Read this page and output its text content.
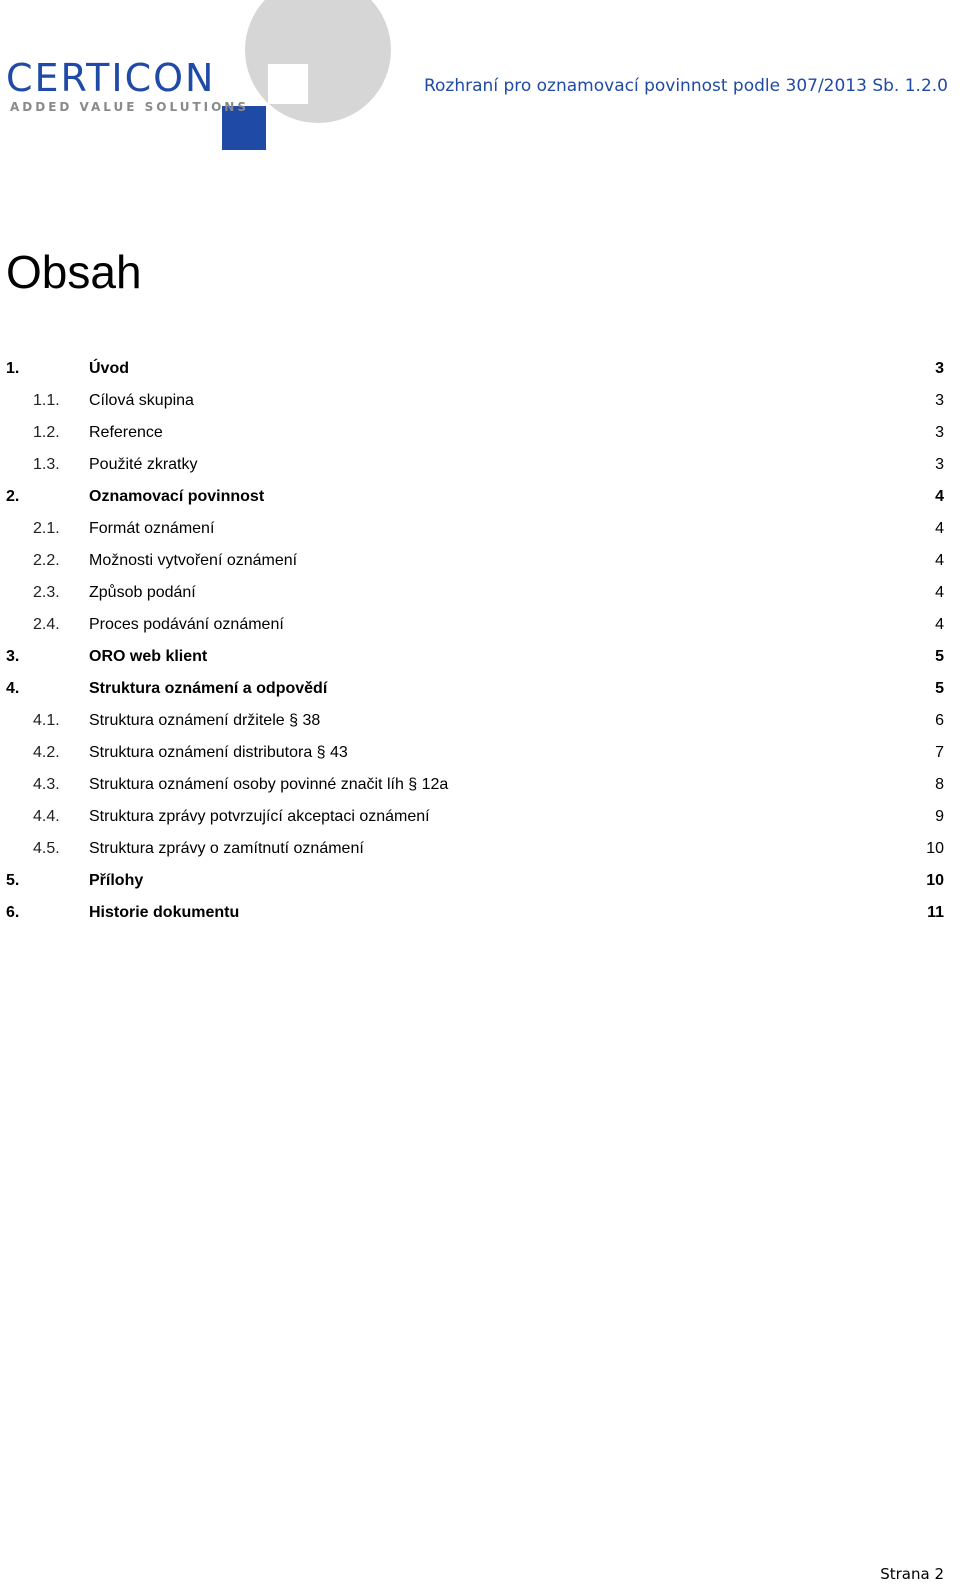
CERTICON
ADDED VALUE SOLUTIONS
Rozhraní pro oznamovací povinnost podle 307/2013 Sb. 1.2.0
Obsah
1.	Úvod	3
1.1. Cílová skupina	3
1.2. Reference	3
1.3. Použité zkratky	3
2.	Oznamovací povinnost	4
2.1. Formát oznámení	4
2.2. Možnosti vytvoření oznámení	4
2.3. Způsob podání	4
2.4. Proces podávání oznámení	4
3.	ORO web klient	5
4.	Struktura oznámení a odpovědí	5
4.1. Struktura oznámení držitele § 38	6
4.2. Struktura oznámení distributora § 43	7
4.3. Struktura oznámení osoby povinné značit líh § 12a	8
4.4. Struktura zprávy potvrzující akceptaci oznámení	9
4.5. Struktura zprávy o zamítnutí oznámení	10
5.	Přílohy	10
6.	Historie dokumentu	11
Strana 2
